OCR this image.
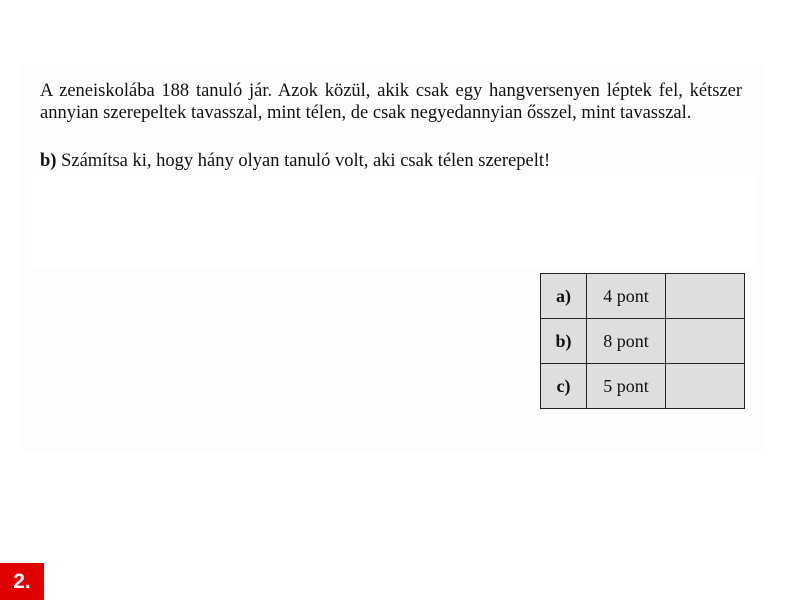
A zeneiskolába 188 tanuló jár. Azok közül, akik csak egy hangversenyen léptek fel, kétszer annyian szerepeltek tavasszal, mint télen, de csak negyedannyian ősszel, mint tavasszal.

b) Számítsa ki, hogy hány olyan tanuló volt, aki csak télen szerepelt!

a)	4 pont	
b)	8 pont	
c)	5 pont	
2.
